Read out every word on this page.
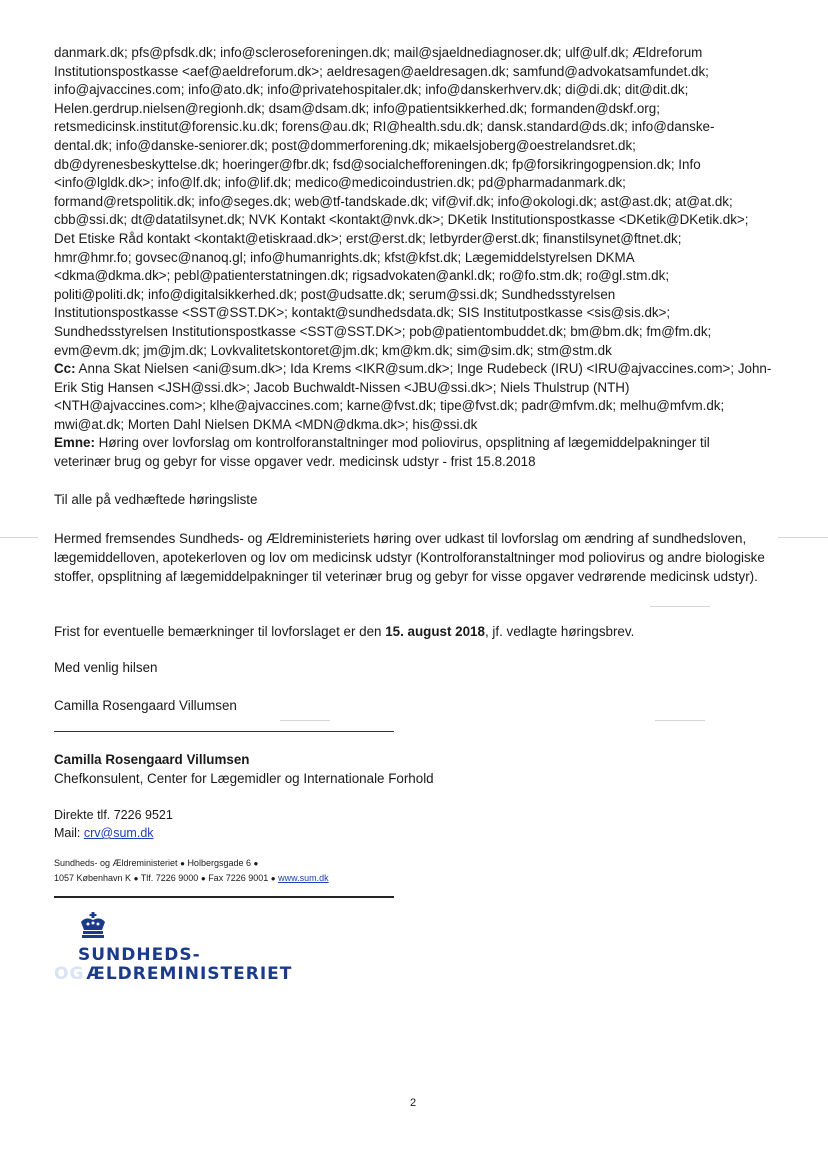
danmark.dk; pfs@pfsdk.dk; info@scleroseforeningen.dk; mail@sjaeldnediagnoser.dk; ulf@ulf.dk; Ældreforum

Institutionspostkasse <aef@aeldreforum.dk>; aeldresagen@aeldresagen.dk; samfund@advokatsamfundet.dk;

info@ajvaccines.com; info@ato.dk; info@privatehospitaler.dk; info@danskerhverv.dk; di@di.dk; dit@dit.dk;

Helen.gerdrup.nielsen@regionh.dk; dsam@dsam.dk; info@patientsikkerhed.dk; formanden@dskf.org;

retsmedicinsk.institut@forensic.ku.dk; forens@au.dk; RI@health.sdu.dk; dansk.standard@ds.dk; info@danske-

dental.dk; info@danske-seniorer.dk; post@dommerforening.dk; mikaelsjoberg@oestrelandsret.dk;

db@dyrenesbeskyttelse.dk; hoeringer@fbr.dk; fsd@socialchefforeningen.dk; fp@forsikringogpension.dk; Info

<info@lgldk.dk>; info@lf.dk; info@lif.dk; medico@medicoindustrien.dk; pd@pharmadanmark.dk;

formand@retspolitik.dk; info@seges.dk; web@tf-tandskade.dk; vif@vif.dk; info@okologi.dk; ast@ast.dk; at@at.dk;

cbb@ssi.dk; dt@datatilsynet.dk; NVK Kontakt <kontakt@nvk.dk>; DKetik Institutionspostkasse <DKetik@DKetik.dk>;

Det Etiske Råd kontakt <kontakt@etiskraad.dk>; erst@erst.dk; letbyrder@erst.dk; finanstilsynet@ftnet.dk;

hmr@hmr.fo; govsec@nanoq.gl; info@humanrights.dk; kfst@kfst.dk; Lægemiddelstyrelsen DKMA

<dkma@dkma.dk>; pebl@patienterstatningen.dk; rigsadvokaten@ankl.dk; ro@fo.stm.dk; ro@gl.stm.dk;

politi@politi.dk; info@digitalsikkerhed.dk; post@udsatte.dk; serum@ssi.dk; Sundhedsstyrelsen

Institutionspostkasse <SST@SST.DK>; kontakt@sundhedsdata.dk; SIS Institutpostkasse <sis@sis.dk>;

Sundhedsstyrelsen Institutionspostkasse <SST@SST.DK>; pob@patientombuddet.dk; bm@bm.dk; fm@fm.dk;

evm@evm.dk; jm@jm.dk; Lovkvalitetskontoret@jm.dk; km@km.dk; sim@sim.dk; stm@stm.dk

Cc: Anna Skat Nielsen <ani@sum.dk>; Ida Krems <IKR@sum.dk>; Inge Rudebeck (IRU) <IRU@ajvaccines.com>; John-

Erik Stig Hansen <JSH@ssi.dk>; Jacob Buchwaldt-Nissen <JBU@ssi.dk>; Niels Thulstrup (NTH)

<NTH@ajvaccines.com>; klhe@ajvaccines.com; karne@fvst.dk; tipe@fvst.dk; padr@mfvm.dk; melhu@mfvm.dk;

mwi@at.dk; Morten Dahl Nielsen DKMA <MDN@dkma.dk>; his@ssi.dk

Emne: Høring over lovforslag om kontrolforanstaltninger mod poliovirus, opsplitning af lægemiddelpakninger til

veterinær brug og gebyr for visse opgaver vedr. medicinsk udstyr - frist 15.8.2018

Til alle på vedhæftede høringsliste

Hermed fremsendes Sundheds- og Ældreministeriets høring over udkast til lovforslag om ændring af sundhedsloven, lægemiddelloven, apotekerloven og lov om medicinsk udstyr (Kontrolforanstaltninger mod poliovirus og andre biologiske stoffer, opsplitning af lægemiddelpakninger til veterinær brug og gebyr for visse opgaver vedrørende medicinsk udstyr).

Frist for eventuelle bemærkninger til lovforslaget er den 15. august 2018, jf. vedlagte høringsbrev.

Med venlig hilsen

Camilla Rosengaard Villumsen

Camilla Rosengaard Villumsen
Chefkonsulent, Center for Lægemidler og Internationale Forhold
Direkte tlf. 7226 9521
Mail: crv@sum.dk
Sundheds- og Ældreministeriet ● Holbergsgade 6 ●
1057 København K ● Tlf. 7226 9000 ● Fax 7226 9001 ● www.sum.dk
SUNDHEDS-
OG ÆLDREMINISTERIET
2
